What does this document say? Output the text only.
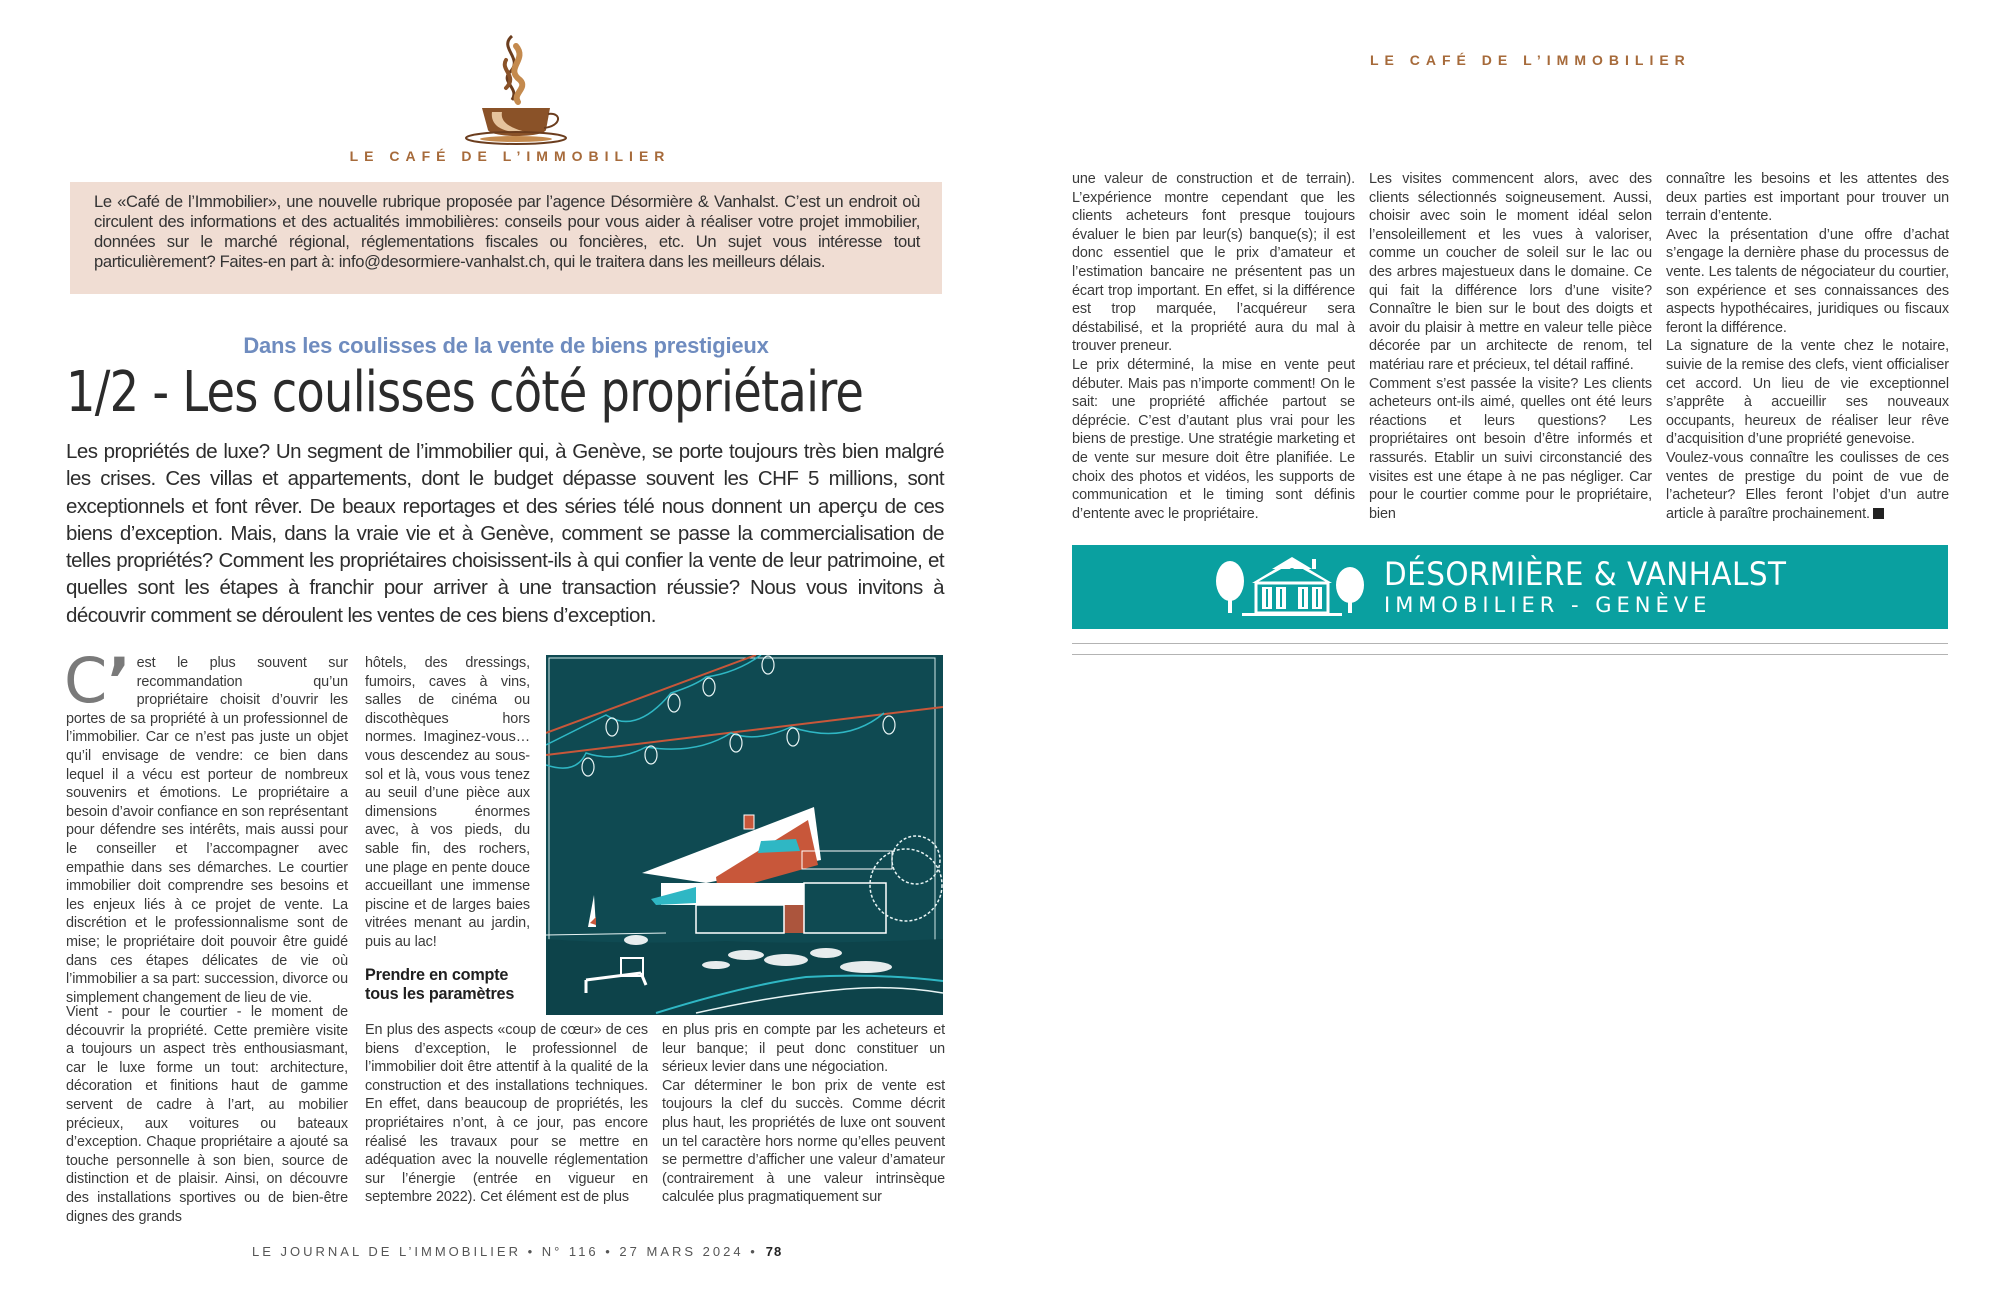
LE CAFÉ DE L’IMMOBILIER

Le «Café de l’Immobilier», une nouvelle rubrique proposée par l’agence Désormière & Vanhalst. C’est un endroit où circulent des informations et des actualités immobilières: conseils pour vous aider à réaliser votre projet immobilier, données sur le marché régional, réglementations fiscales ou foncières, etc. Un sujet vous intéresse tout particulièrement? Faites-en part à: info@desormiere-vanhalst.ch, qui le traitera dans les meilleurs délais.

Dans les coulisses de la vente de biens prestigieux
1/2 - Les coulisses côté propriétaire

Les propriétés de luxe? Un segment de l’immobilier qui, à Genève, se porte toujours très bien malgré les crises. Ces villas et appartements, dont le budget dépasse souvent les CHF 5 millions, sont exceptionnels et font rêver. De beaux reportages et des séries télé nous donnent un aperçu de ces biens d’exception. Mais, dans la vraie vie et à Genève, comment se passe la commercialisation de telles propriétés? Comment les propriétaires choisissent-ils à qui confier la vente de leur patrimoine, et quelles sont les étapes à franchir pour arriver à une transaction réussie? Nous vous invitons à découvrir comment se déroulent les ventes de ces biens d’exception.

C’ est le plus souvent sur recommandation qu’un propriétaire choisit d’ouvrir les portes de sa propriété à un professionnel de l’immobilier. Car ce n’est pas juste un objet qu’il envisage de vendre: ce bien dans lequel il a vécu est porteur de nombreux souvenirs et émotions. Le propriétaire a besoin d’avoir confiance en son représentant pour défendre ses intérêts, mais aussi pour le conseiller et l’accompagner avec empathie dans ses démarches. Le courtier immobilier doit comprendre ses besoins et les enjeux liés à ce projet de vente. La discrétion et le professionnalisme sont de mise; le propriétaire doit pouvoir être guidé dans ces étapes délicates de vie où l’immobilier a sa part: succession, divorce ou simplement changement de lieu de vie.

Vient - pour le courtier - le moment de découvrir la propriété. Cette première visite a toujours un aspect très enthousiasmant, car le luxe forme un tout: architecture, décoration et finitions haut de gamme servent de cadre à l’art, au mobilier précieux, aux voitures ou bateaux d’exception. Chaque propriétaire a ajouté sa touche personnelle à son bien, source de distinction et de plaisir. Ainsi, on découvre des installations sportives ou de bien-être dignes des grands

hôtels, des dressings, fumoirs, caves à vins, salles de cinéma ou discothèques hors normes. Imaginez-vous…vous descendez au sous-sol et là, vous vous tenez au seuil d’une pièce aux dimensions énormes avec, à vos pieds, du sable fin, des rochers, une plage en pente douce accueillant une immense piscine et de larges baies vitrées menant au jardin, puis au lac!

Prendre en compte tous les paramètres

En plus des aspects «coup de cœur» de ces biens d’exception, le professionnel de l’immobilier doit être attentif à la qualité de la construction et des installations techniques. En effet, dans beaucoup de propriétés, les propriétaires n’ont, à ce jour, pas encore réalisé les travaux pour se mettre en adéquation avec la nouvelle réglementation sur l’énergie (entrée en vigueur en septembre 2022). Cet élément est de plus

en plus pris en compte par les acheteurs et leur banque; il peut donc constituer un sérieux levier dans une négociation.

Car déterminer le bon prix de vente est toujours la clef du succès. Comme décrit plus haut, les propriétés de luxe ont souvent un tel caractère hors norme qu’elles peuvent se permettre d’afficher une valeur d’amateur (contrairement à une valeur intrinsèque calculée plus pragmatiquement sur

LE JOURNAL DE L’IMMOBILIER • N° 116 • 27 MARS 2024 • 78
LE CAFÉ DE L’IMMOBILIER

une valeur de construction et de terrain). L’expérience montre cependant que les clients acheteurs font presque toujours évaluer le bien par leur(s) banque(s); il est donc essentiel que le prix d’amateur et l’estimation bancaire ne présentent pas un écart trop important. En effet, si la différence est trop marquée, l’acquéreur sera déstabilisé, et la propriété aura du mal à trouver preneur.

Le prix déterminé, la mise en vente peut débuter. Mais pas n’importe comment! On le sait: une propriété affichée partout se déprécie. C’est d’autant plus vrai pour les biens de prestige. Une stratégie marketing et de vente sur mesure doit être planifiée. Le choix des photos et vidéos, les supports de communication et le timing sont définis d’entente avec le propriétaire.

Les visites commencent alors, avec des clients sélectionnés soigneusement. Aussi, choisir avec soin le moment idéal selon l’ensoleillement et les vues à valoriser, comme un coucher de soleil sur le lac ou des arbres majestueux dans le domaine. Ce qui fait la différence lors d’une visite? Connaître le bien sur le bout des doigts et avoir du plaisir à mettre en valeur telle pièce décorée par un architecte de renom, tel matériau rare et précieux, tel détail raffiné.

Comment s’est passée la visite? Les clients acheteurs ont-ils aimé, quelles ont été leurs réactions et leurs questions? Les propriétaires ont besoin d’être informés et rassurés. Etablir un suivi circonstancié des visites est une étape à ne pas négliger. Car pour le courtier comme pour le propriétaire, bien

connaître les besoins et les attentes des deux parties est important pour trouver un terrain d’entente.

Avec la présentation d’une offre d’achat s’engage la dernière phase du processus de vente. Les talents de négociateur du courtier, son expérience et ses connaissances des aspects hypothécaires, juridiques ou fiscaux feront la différence.

La signature de la vente chez le notaire, suivie de la remise des clefs, vient officialiser cet accord. Un lieu de vie exceptionnel s’apprête à accueillir ses nouveaux occupants, heureux de réaliser leur rêve d’acquisition d’une propriété genevoise.

Voulez-vous connaître les coulisses de ces ventes de prestige du point de vue de l’acheteur? Elles feront l’objet d’un autre article à paraître prochainement.

DÉSORMIÈRE & VANHALST
IMMOBILIER - GENÈVE
